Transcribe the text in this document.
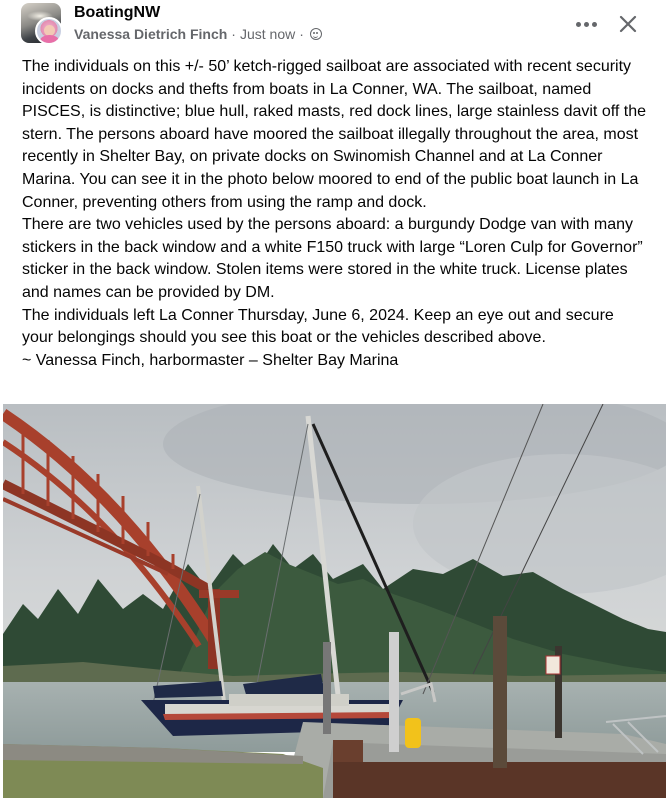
BoatingNW
Vanessa Dietrich Finch · Just now ·

The individuals on this +/- 50’ ketch-rigged sailboat are associated with recent security incidents on docks and thefts from boats in La Conner, WA. The sailboat, named PISCES, is distinctive; blue hull, raked masts, red dock lines, large stainless davit off the stern. The persons aboard have moored the sailboat illegally throughout the area, most recently in Shelter Bay, on private docks on Swinomish Channel and at La Conner Marina. You can see it in the photo below moored to end of the public boat launch in La Conner, preventing others from using the ramp and dock.

There are two vehicles used by the persons aboard: a burgundy Dodge van with many stickers in the back window and a white F150 truck with large “Loren Culp for Governor” sticker in the back window. Stolen items were stored in the white truck. License plates and names can be provided by DM.

The individuals left La Conner Thursday, June 6, 2024. Keep an eye out and secure your belongings should you see this boat or the vehicles described above.

~ Vanessa Finch, harbormaster – Shelter Bay Marina
